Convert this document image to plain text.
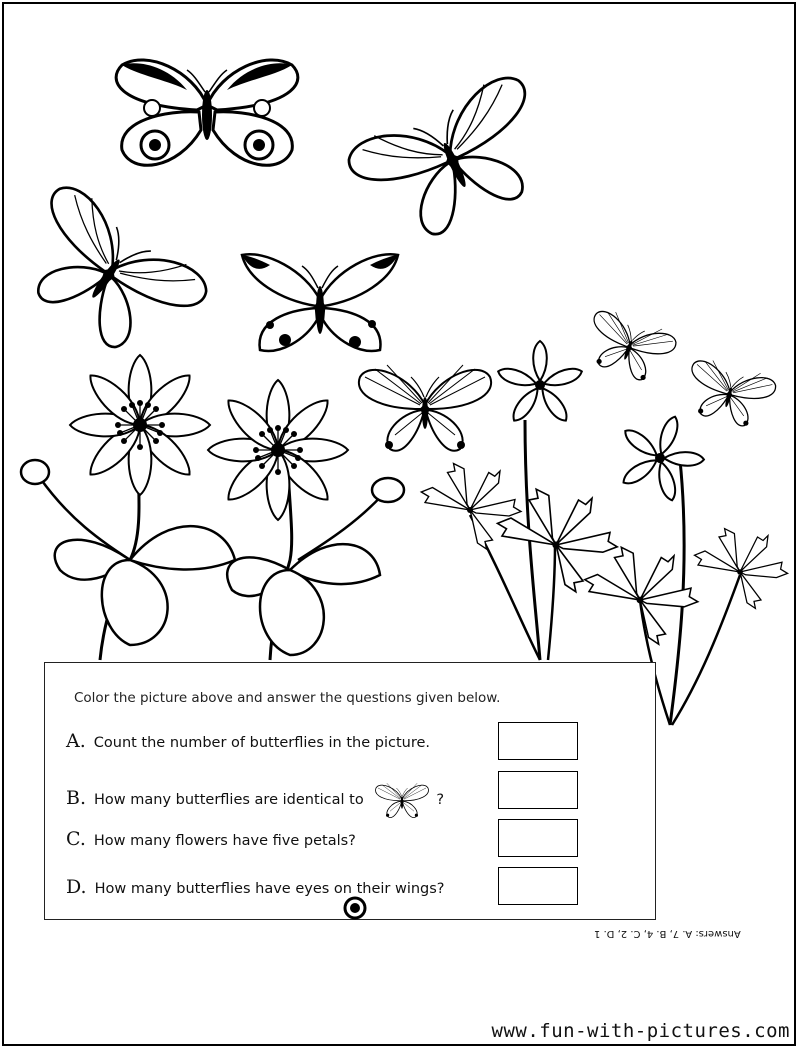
Color the picture above and answer the questions given below.
A. Count the number of butterflies in the picture.
B. How many butterflies are identical to	?
C. How many flowers have five petals?
D. How many butterflies have eyes on their wings?
Answers: A. 7, B. 4, C. 2, D. 1
www.fun-with-pictures.com
